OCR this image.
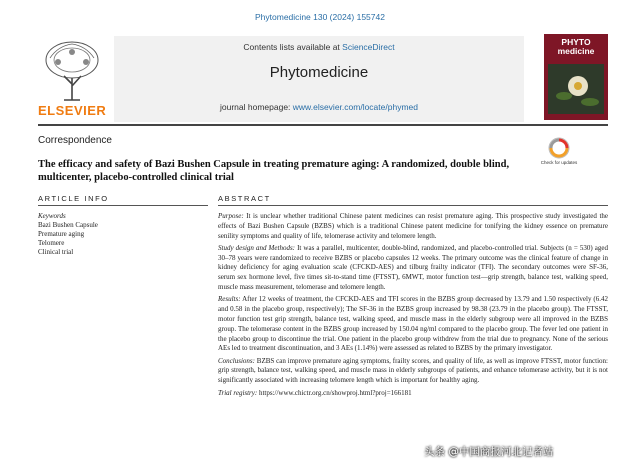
Phytomedicine 130 (2024) 155742
ELSEVIER
Contents lists available at ScienceDirect
Phytomedicine
journal homepage: www.elsevier.com/locate/phymed
PHYTO medicine
Correspondence
Check for updates
The efficacy and safety of Bazi Bushen Capsule in treating premature aging: A randomized, double blind, multicenter, placebo-controlled clinical trial
ARTICLE INFO	ABSTRACT
Keywords
Bazi Bushen Capsule
Premature aging
Telomere
Clinical trial

Purpose: It is unclear whether traditional Chinese patent medicines can resist premature aging. This prospective study investigated the effects of Bazi Bushen Capsule (BZBS) which is a traditional Chinese patent medicine for tonifying the kidney essence on premature senility symptoms and quality of life, telomerase activity and telomere length.

Study design and Methods: It was a parallel, multicenter, double-blind, randomized, and placebo-controlled trial. Subjects (n = 530) aged 30–78 years were randomized to receive BZBS or placebo capsules 12 weeks. The primary outcome was the clinical feature of change in kidney deficiency for aging evaluation scale (CFCKD-AES) and tilburg frailty indicator (TFI). The secondary outcomes were SF-36, serum sex hormone level, five times sit-to-stand time (FTSST), 6MWT, motor function test—grip strength, balance test, walking speed, muscle mass measurement, telomerase and telomere length.

Results: After 12 weeks of treatment, the CFCKD-AES and TFI scores in the BZBS group decreased by 13.79 and 1.50 respectively (6.42 and 0.58 in the placebo group, respectively); The SF-36 in the BZBS group increased by 98.38 (23.79 in the placebo group). The FTSST, motor function test grip strength, balance test, walking speed, and muscle mass in the elderly subgroup were all improved in the BZBS group. The telomerase content in the BZBS group increased by 150.04 ng/ml compared to the placebo group. The fever led one patient in the placebo group to discontinue the trial. One patient in the placebo group withdrew from the trial due to pregnancy. None of the serious AEs led to treatment discontinuation, and 3 AEs (1.14%) were assessed as related to BZBS by the primary investigator.

Conclusions: BZBS can improve premature aging symptoms, frailty scores, and quality of life, as well as improve FTSST, motor function: grip strength, balance test, walking speed, and muscle mass in elderly subgroups of patients, and enhance telomerase activity, but it is not significantly associated with increasing telomere length which is important for healthy aging.

Trial registry: https://www.chictr.org.cn/showproj.html?proj=166181

头条 @中国商报河北记者站
